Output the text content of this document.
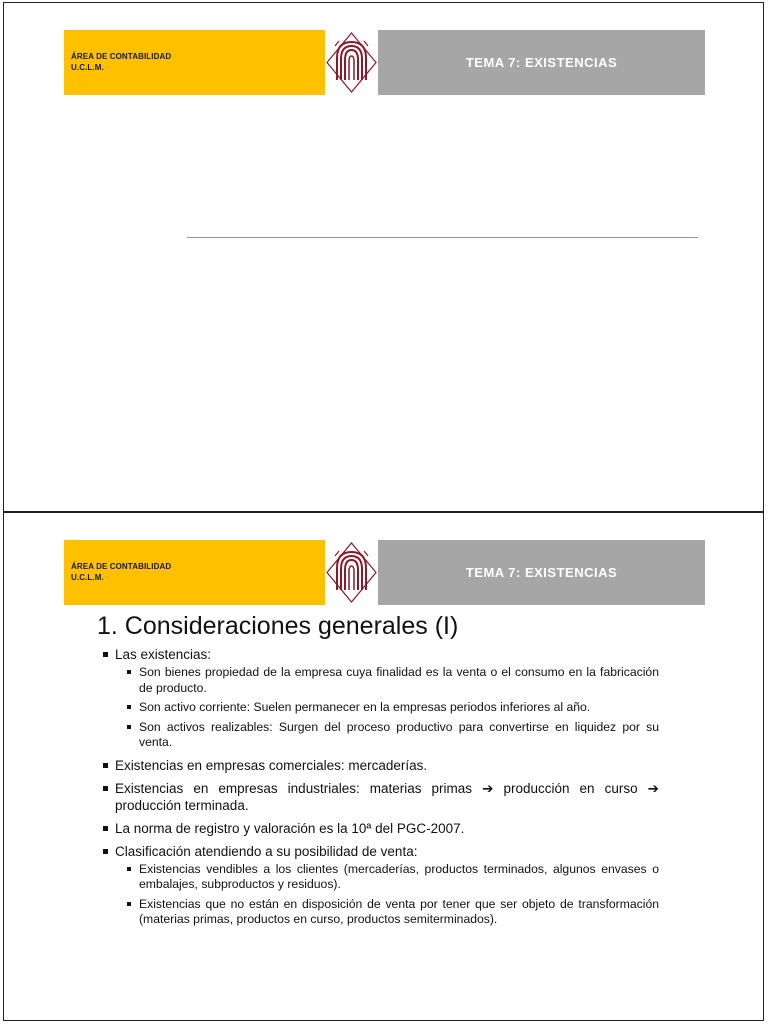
ÁREA DE CONTABILIDAD
U.C.L.M.	TEMA 7: EXISTENCIAS
ÁREA DE CONTABILIDAD
U.C.L.M.	TEMA 7: EXISTENCIAS
1. Consideraciones generales (I)
Las existencias:
Son bienes propiedad de la empresa cuya finalidad es la venta o el consumo en la fabricación de producto.
Son activo corriente: Suelen permanecer en la empresas periodos inferiores al año.
Son activos realizables: Surgen del proceso productivo para convertirse en liquidez por su venta.
Existencias en empresas comerciales: mercaderías.
Existencias en empresas industriales: materias primas ➔ producción en curso ➔ producción terminada.
La norma de registro y valoración es la 10ª del PGC-2007.
Clasificación atendiendo a su posibilidad de venta:
Existencias vendibles a los clientes (mercaderías, productos terminados, algunos envases o embalajes, subproductos y residuos).
Existencias que no están en disposición de venta por tener que ser objeto de transformación (materias primas, productos en curso, productos semiterminados).
